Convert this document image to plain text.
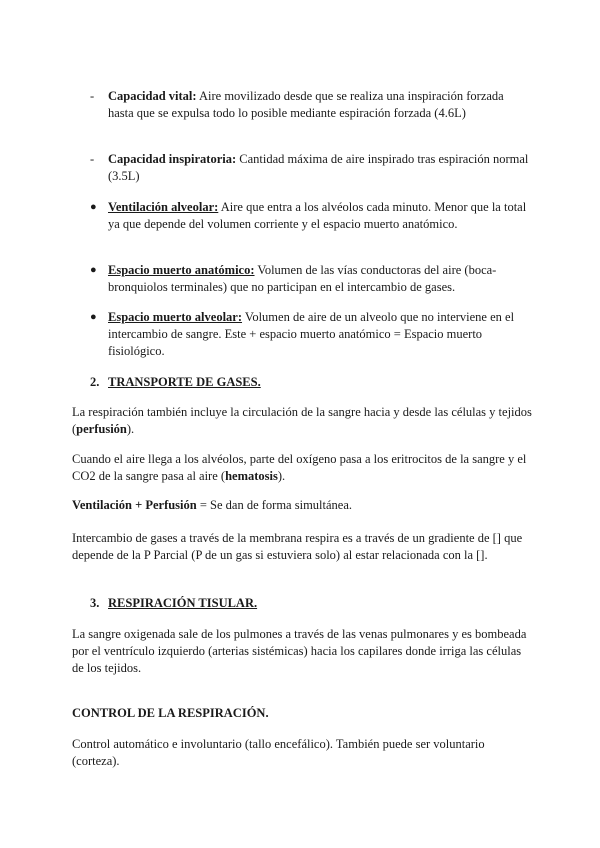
-	Capacidad vital: Aire movilizado desde que se realiza una inspiración forzada hasta que se expulsa todo lo posible mediante espiración forzada (4.6L)
-	Capacidad inspiratoria: Cantidad máxima de aire inspirado tras espiración normal (3.5L)
● Ventilación alveolar: Aire que entra a los alvéolos cada minuto. Menor que la total ya que depende del volumen corriente y el espacio muerto anatómico.
● Espacio muerto anatómico: Volumen de las vías conductoras del aire (boca-bronquiolos terminales) que no participan en el intercambio de gases.
● Espacio muerto alveolar: Volumen de aire de un alveolo que no interviene en el intercambio de sangre. Este + espacio muerto anatómico = Espacio muerto fisiológico.
2. TRANSPORTE DE GASES.
La respiración también incluye la circulación de la sangre hacia y desde las células y tejidos (perfusión).
Cuando el aire llega a los alvéolos, parte del oxígeno pasa a los eritrocitos de la sangre y el CO2 de la sangre pasa al aire (hematosis).
Ventilación + Perfusión = Se dan de forma simultánea.
Intercambio de gases a través de la membrana respira es a través de un gradiente de [] que depende de la P Parcial (P de un gas si estuviera solo) al estar relacionada con la [].
3. RESPIRACIÓN TISULAR.
La sangre oxigenada sale de los pulmones a través de las venas pulmonares y es bombeada por el ventrículo izquierdo (arterias sistémicas) hacia los capilares donde irriga las células de los tejidos.
CONTROL DE LA RESPIRACIÓN.
Control automático e involuntario (tallo encefálico). También puede ser voluntario (corteza).
